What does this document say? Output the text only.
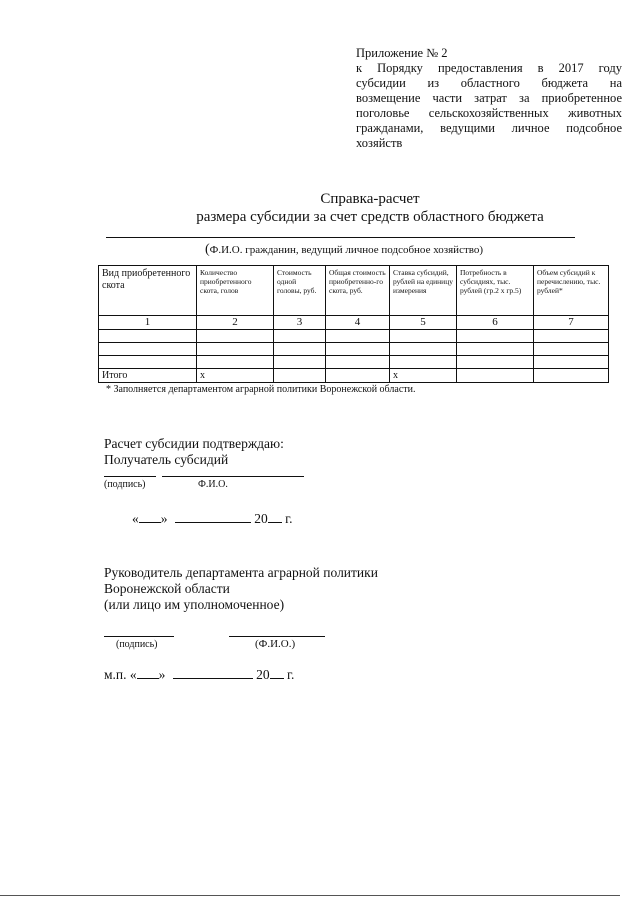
Приложение № 2
к Порядку предоставления в 2017 году
субсидии из областного бюджета на
возмещение части затрат за приобретенное
поголовье сельскохозяйственных животных
гражданами, ведущими личное подсобное
хозяйств
Справка-расчет
размера субсидии за счет средств областного бюджета
(Ф.И.О. гражданин, ведущий личное подсобное хозяйство)
Вид приобретенного скота	Количество приобретенного скота, голов	Стоимость одной головы, руб.	Общая стоимость приобретенно-го скота, руб.	Ставка субсидий, рублей на единицу измерения	Потребность в субсидиях, тыс. рублей (гр.2 х гр.5)	Объем субсидий к перечислению, тыс. рублей*
1	2	3	4	5	6	7

Итого	х			х		
* Заполняется департаментом аграрной политики Воронежской области.
Расчет субсидии подтверждаю:
Получатель субсидий
(подпись)	Ф.И.О.
« »	20 г.
Руководитель департамента аграрной политики
Воронежской области
(или лицо им уполномоченное)
(подпись)	(Ф.И.О.)
м.п. « »	20 г.
